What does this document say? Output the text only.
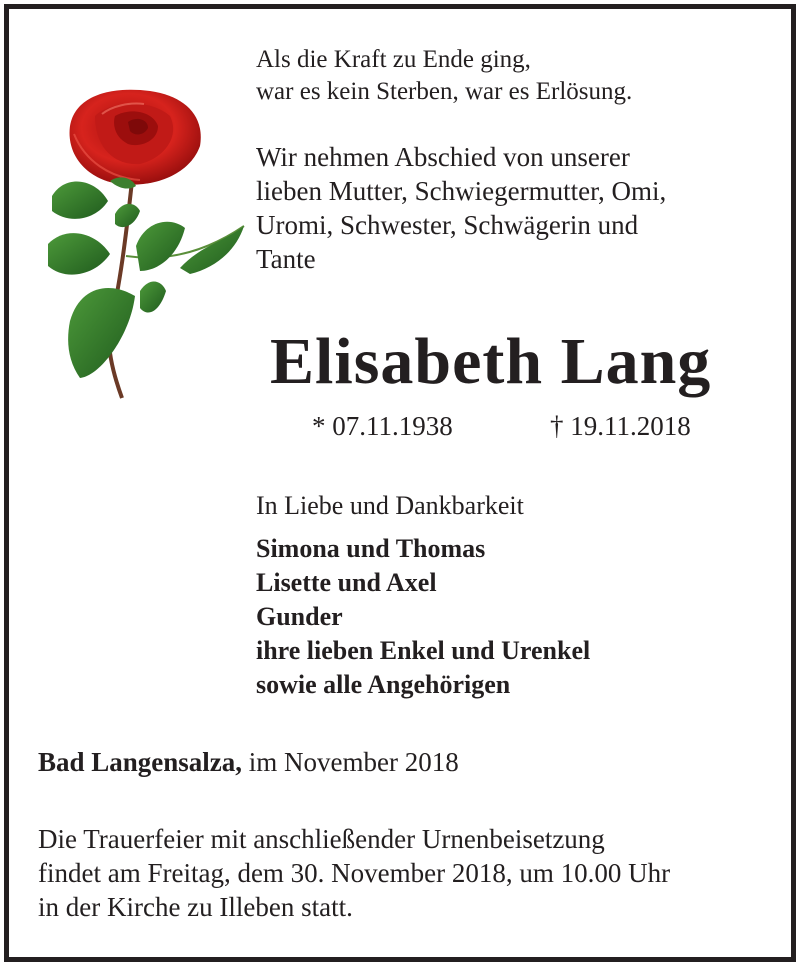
Als die Kraft zu Ende ging,
war es kein Sterben, war es Erlösung.

Wir nehmen Abschied von unserer
lieben Mutter, Schwiegermutter, Omi,
Uromi, Schwester, Schwägerin und
Tante

Elisabeth Lang
* 07.11.1938	† 19.11.2018

In Liebe und Dankbarkeit

Simona und Thomas
Lisette und Axel
Gunder
ihre lieben Enkel und Urenkel
sowie alle Angehörigen

Bad Langensalza, im November 2018

Die Trauerfeier mit anschließender Urnenbeisetzung
findet am Freitag, dem 30. November 2018, um 10.00 Uhr
in der Kirche zu Illeben statt.
